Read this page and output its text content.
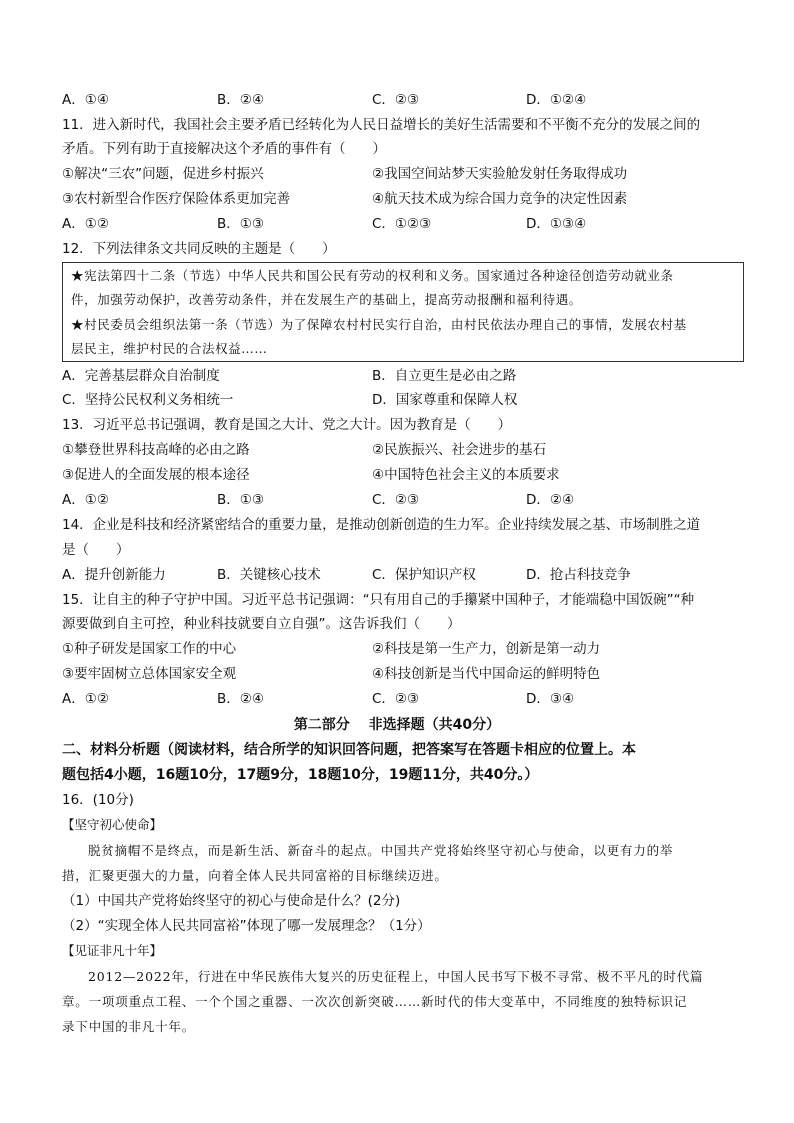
A．①④	B．②④	C．②③	D．①②④
11．进入新时代，我国社会主要矛盾已经转化为人民日益增长的美好生活需要和不平衡不充分的发展之间的
矛盾。下列有助于直接解决这个矛盾的事件有（　　）
①解决“三农”问题，促进乡村振兴	②我国空间站梦天实验舱发射任务取得成功
③农村新型合作医疗保险体系更加完善	④航天技术成为综合国力竞争的决定性因素
A．①②	B．①③	C．①②③	D．①③④
12．下列法律条文共同反映的主题是（　　）
★宪法第四十二条（节选）中华人民共和国公民有劳动的权利和义务。国家通过各种途径创造劳动就业条
件，加强劳动保护，改善劳动条件，并在发展生产的基础上，提高劳动报酬和福利待遇。
★村民委员会组织法第一条（节选）为了保障农村村民实行自治，由村民依法办理自己的事情，发展农村基
层民主，维护村民的合法权益……
A．完善基层群众自治制度	B．自立更生是必由之路
C．坚持公民权利义务相统一	D．国家尊重和保障人权
13．习近平总书记强调，教育是国之大计、党之大计。因为教育是（　　）
①攀登世界科技高峰的必由之路	②民族振兴、社会进步的基石
③促进人的全面发展的根本途径	④中国特色社会主义的本质要求
A．①②	B．①③	C．②③	D．②④
14．企业是科技和经济紧密结合的重要力量，是推动创新创造的生力军。企业持续发展之基、市场制胜之道
是（　　）
A．提升创新能力	B．关键核心技术	C．保护知识产权	D．抢占科技竞争
15．让自主的种子守护中国。习近平总书记强调：“只有用自己的手攥紧中国种子，才能端稳中国饭碗”“种
源要做到自主可控，种业科技就要自立自强”。这告诉我们（　　）
①种子研发是国家工作的中心	②科技是第一生产力，创新是第一动力
③要牢固树立总体国家安全观	④科技创新是当代中国命运的鲜明特色
A．①②	B．②④	C．②③	D．③④
第二部分　 非选择题（共40分）
二、材料分析题（阅读材料，结合所学的知识回答问题，把答案写在答题卡相应的位置上。本
题包括4小题，16题10分，17题9分，18题10分，19题11分，共40分。）
16．(10分)
【坚守初心使命】
脱贫摘帽不是终点，而是新生活、新奋斗的起点。中国共产党将始终坚守初心与使命，以更有力的举
措，汇聚更强大的力量，向着全体人民共同富裕的目标继续迈进。
（1）中国共产党将始终坚守的初心与使命是什么？(2分)
（2）“实现全体人民共同富裕”体现了哪一发展理念？（1分）
【见证非凡十年】
2012—2022年，行进在中华民族伟大复兴的历史征程上，中国人民书写下极不寻常、极不平凡的时代篇
章。一项项重点工程、一个个国之重器、一次次创新突破……新时代的伟大变革中，不同维度的独特标识记
录下中国的非凡十年。
